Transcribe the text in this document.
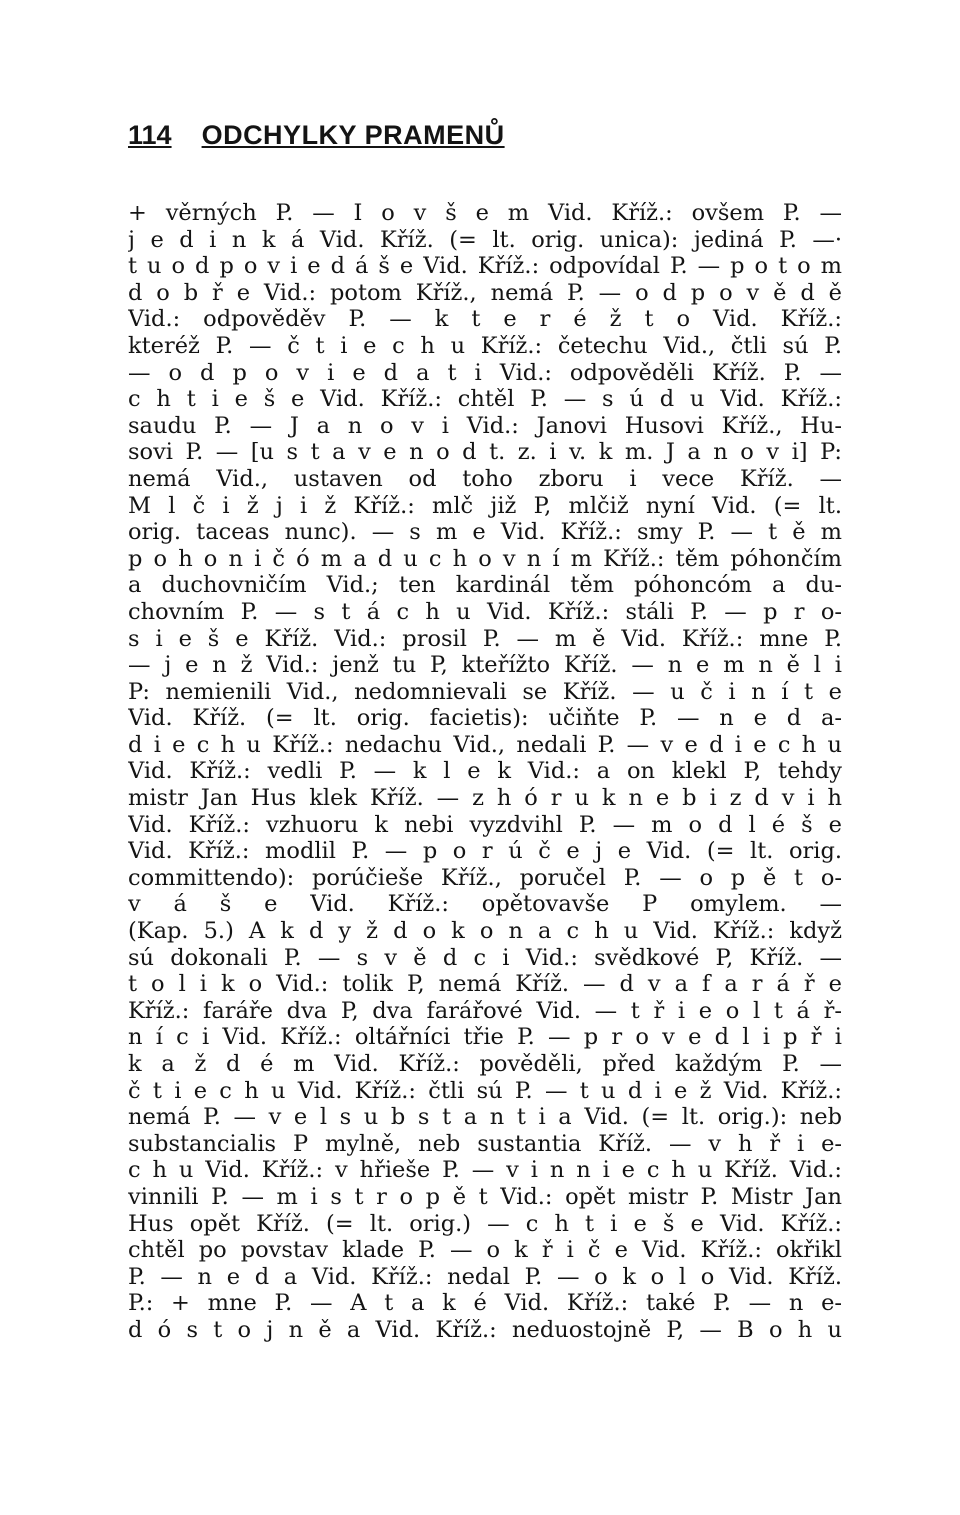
114 ODCHYLKY PRAMENŮ
+ věrných P. — I o v š e m Vid. Kříž.: ovšem P. —
j e d i n k á Vid. Kříž. (= lt. orig. unica): jediná P. —·
t u o d p o v i e d á š e Vid. Kříž.: odpovídal P. — p o t o m
d o b ř e Vid.: potom Kříž., nemá P. — o d p o v ě d ě
Vid.: odpověděv P. — k t e r é ž t o Vid. Kříž.:
kteréž P. — č t i e c h u Kříž.: četechu Vid., čtli sú P.
— o d p o v i e d a t i Vid.: odpověděli Kříž. P. —
c h t i e š e Vid. Kříž.: chtěl P. — s ú d u Vid. Kříž.:
saudu P. — J a n o v i Vid.: Janovi Husovi Kříž., Hu-
sovi P. — [u s t a v e n o d t. z. i v. k m. J a n o v i] P:
nemá Vid., ustaven od toho zboru i vece Kříž. —
M l č i ž j i ž Kříž.: mlč již P, mlčiž nyní Vid. (= lt.
orig. taceas nunc). — s m e Vid. Kříž.: smy P. — t ě m
p o h o n i č ó m a d u c h o v n í m Kříž.: těm póhončím
a duchovničím Vid.; ten kardinál těm póhoncóm a du-
chovním P. — s t á c h u Vid. Kříž.: stáli P. — p r o-
s i e š e Kříž. Vid.: prosil P. — m ě Vid. Kříž.: mne P.
— j e n ž Vid.: jenž tu P, kteřížto Kříž. — n e m n ě l i
P: nemienili Vid., nedomnievali se Kříž. — u č i n í t e
Vid. Kříž. (= lt. orig. facietis): učiňte P. — n e d a-
d i e c h u Kříž.: nedachu Vid., nedali P. — v e d i e c h u
Vid. Kříž.: vedli P. — k l e k Vid.: a on klekl P, tehdy
mistr Jan Hus klek Kříž. — z h ó r u k n e b i z d v i h
Vid. Kříž.: vzhuoru k nebi vyzdvihl P. — m o d l é š e
Vid. Kříž.: modlil P. — p o r ú č e j e Vid. (= lt. orig.
committendo): porúčieše Kříž., poručel P. — o p ě t o-
v á š e Vid. Kříž.: opětovavše P omylem. —
(Kap. 5.) A k d y ž d o k o n a c h u Vid. Kříž.: když
sú dokonali P. — s v ě d c i Vid.: svědkové P, Kříž. —
t o l i k o Vid.: tolik P, nemá Kříž. — d v a f a r á ř e
Kříž.: faráře dva P, dva farářové Vid. — t ř i e o l t á ř-
n í c i Vid. Kříž.: oltářníci třie P. — p r o v e d l i p ř i
k a ž d é m Vid. Kříž.: pověděli, před každým P. —
č t i e c h u Vid. Kříž.: čtli sú P. — t u d i e ž Vid. Kříž.:
nemá P. — v e l s u b s t a n t i a Vid. (= lt. orig.): neb
substancialis P mylně, neb sustantia Kříž. — v h ř i e-
c h u Vid. Kříž.: v hřieše P. — v i n n i e c h u Kříž. Vid.:
vinnili P. — m i s t r o p ě t Vid.: opět mistr P. Mistr Jan
Hus opět Kříž. (= lt. orig.) — c h t i e š e Vid. Kříž.:
chtěl po povstav klade P. — o k ř i č e Vid. Kříž.: okřikl
P. — n e d a Vid. Kříž.: nedal P. — o k o l o Vid. Kříž.
P.: + mne P. — A t a k é Vid. Kříž.: také P. — n e-
d ó s t o j n ě a Vid. Kříž.: neduostojně P, — B o h u
